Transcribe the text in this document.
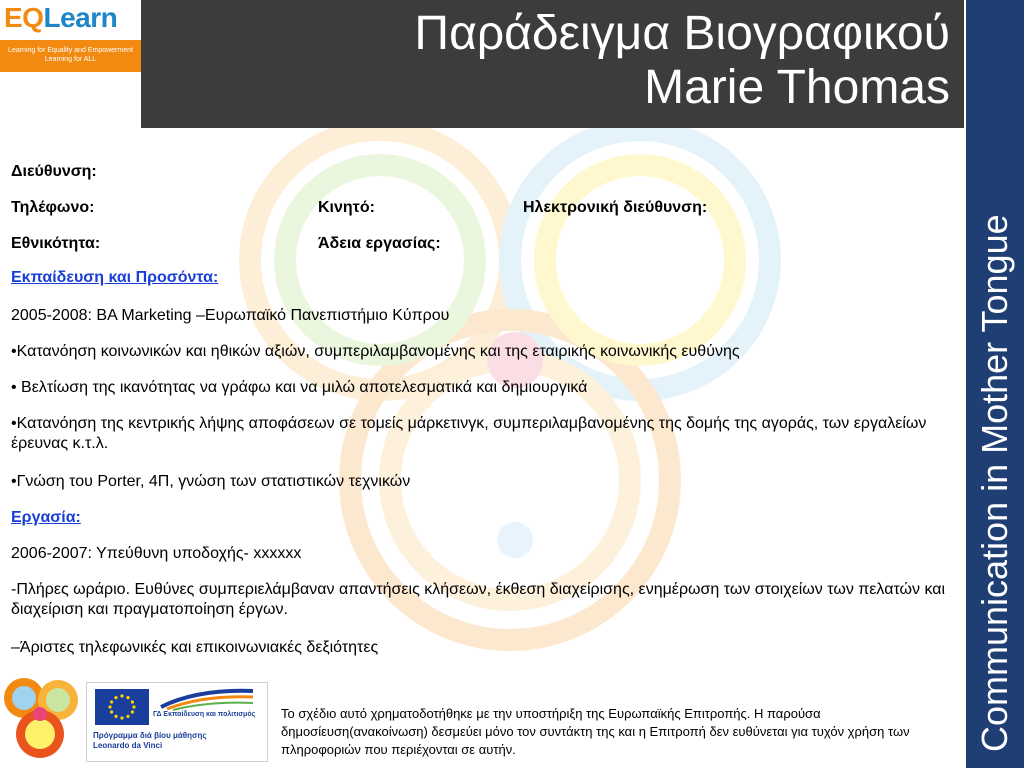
EQLearn
Learning for Equality and Empowerment
Learning for ALL	Παράδειγμα Βιογραφικού
Marie Thomas
Communication in Mother Tongue
Διεύθυνση:
Τηλέφωνο:	Κινητό:	Ηλεκτρονική διεύθυνση:
Εθνικότητα:	Άδεια εργασίας:
Εκπαίδευση και Προσόντα:
2005-2008: BA Marketing –Ευρωπαϊκό Πανεπιστήμιο Κύπρου
•Κατανόηση κοινωνικών και ηθικών αξιών, συμπεριλαμβανομένης και της εταιρικής κοινωνικής ευθύνης
• Βελτίωση της ικανότητας να γράφω και να μιλώ αποτελεσματικά και δημιουργικά
•Κατανόηση της κεντρικής λήψης αποφάσεων σε τομείς μάρκετινγκ, συμπεριλαμβανομένης της δομής της αγοράς, των εργαλείων έρευνας κ.τ.λ.
•Γνώση του Porter, 4Π, γνώση των στατιστικών τεχνικών
Εργασία:
2006-2007: Υπεύθυνη υποδοχής- xxxxxx
-Πλήρες ωράριο. Ευθύνες συμπεριελάμβαναν απαντήσεις κλήσεων, έκθεση διαχείρισης, ενημέρωση των στοιχείων των πελατών και διαχείριση και πραγματοποίηση έργων.
–Άριστες τηλεφωνικές και επικοινωνιακές δεξιότητες
ΓΔ Εκπαίδευση και πολιτισμός
Πρόγραμμα διά βίου μάθησης
Leonardo da Vinci
Το σχέδιο αυτό χρηματοδοτήθηκε με την υποστήριξη της Ευρωπαϊκής Επιτροπής. Η παρούσα δημοσίευση(ανακοίνωση) δεσμεύει μόνο τον συντάκτη της και η Επιτροπή δεν ευθύνεται για τυχόν χρήση των πληροφοριών που περιέχονται σε αυτήν.
